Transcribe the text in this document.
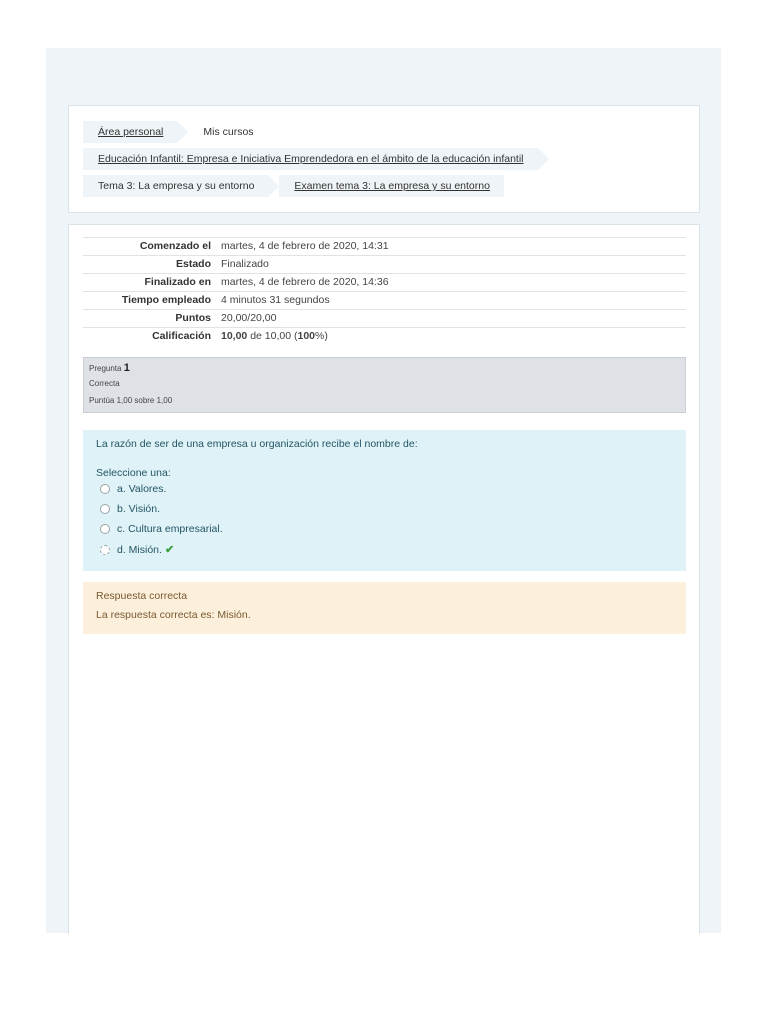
Área personal	Mis cursos
Educación Infantil: Empresa e Iniciativa Emprendedora en el ámbito de la educación infantil
Tema 3: La empresa y su entorno	Examen tema 3: La empresa y su entorno
Comenzado el	martes, 4 de febrero de 2020, 14:31
Estado	Finalizado
Finalizado en	martes, 4 de febrero de 2020, 14:36
Tiempo empleado	4 minutos 31 segundos
Puntos	20,00/20,00
Calificación	10,00 de 10,00 (100%)
Pregunta 1
Correcta
Puntúa 1,00 sobre 1,00
La razón de ser de una empresa u organización recibe el nombre de:
Seleccione una:
a. Valores.
b. Visión.
c. Cultura empresarial.
d. Misión. ✔
Respuesta correcta
La respuesta correcta es: Misión.
